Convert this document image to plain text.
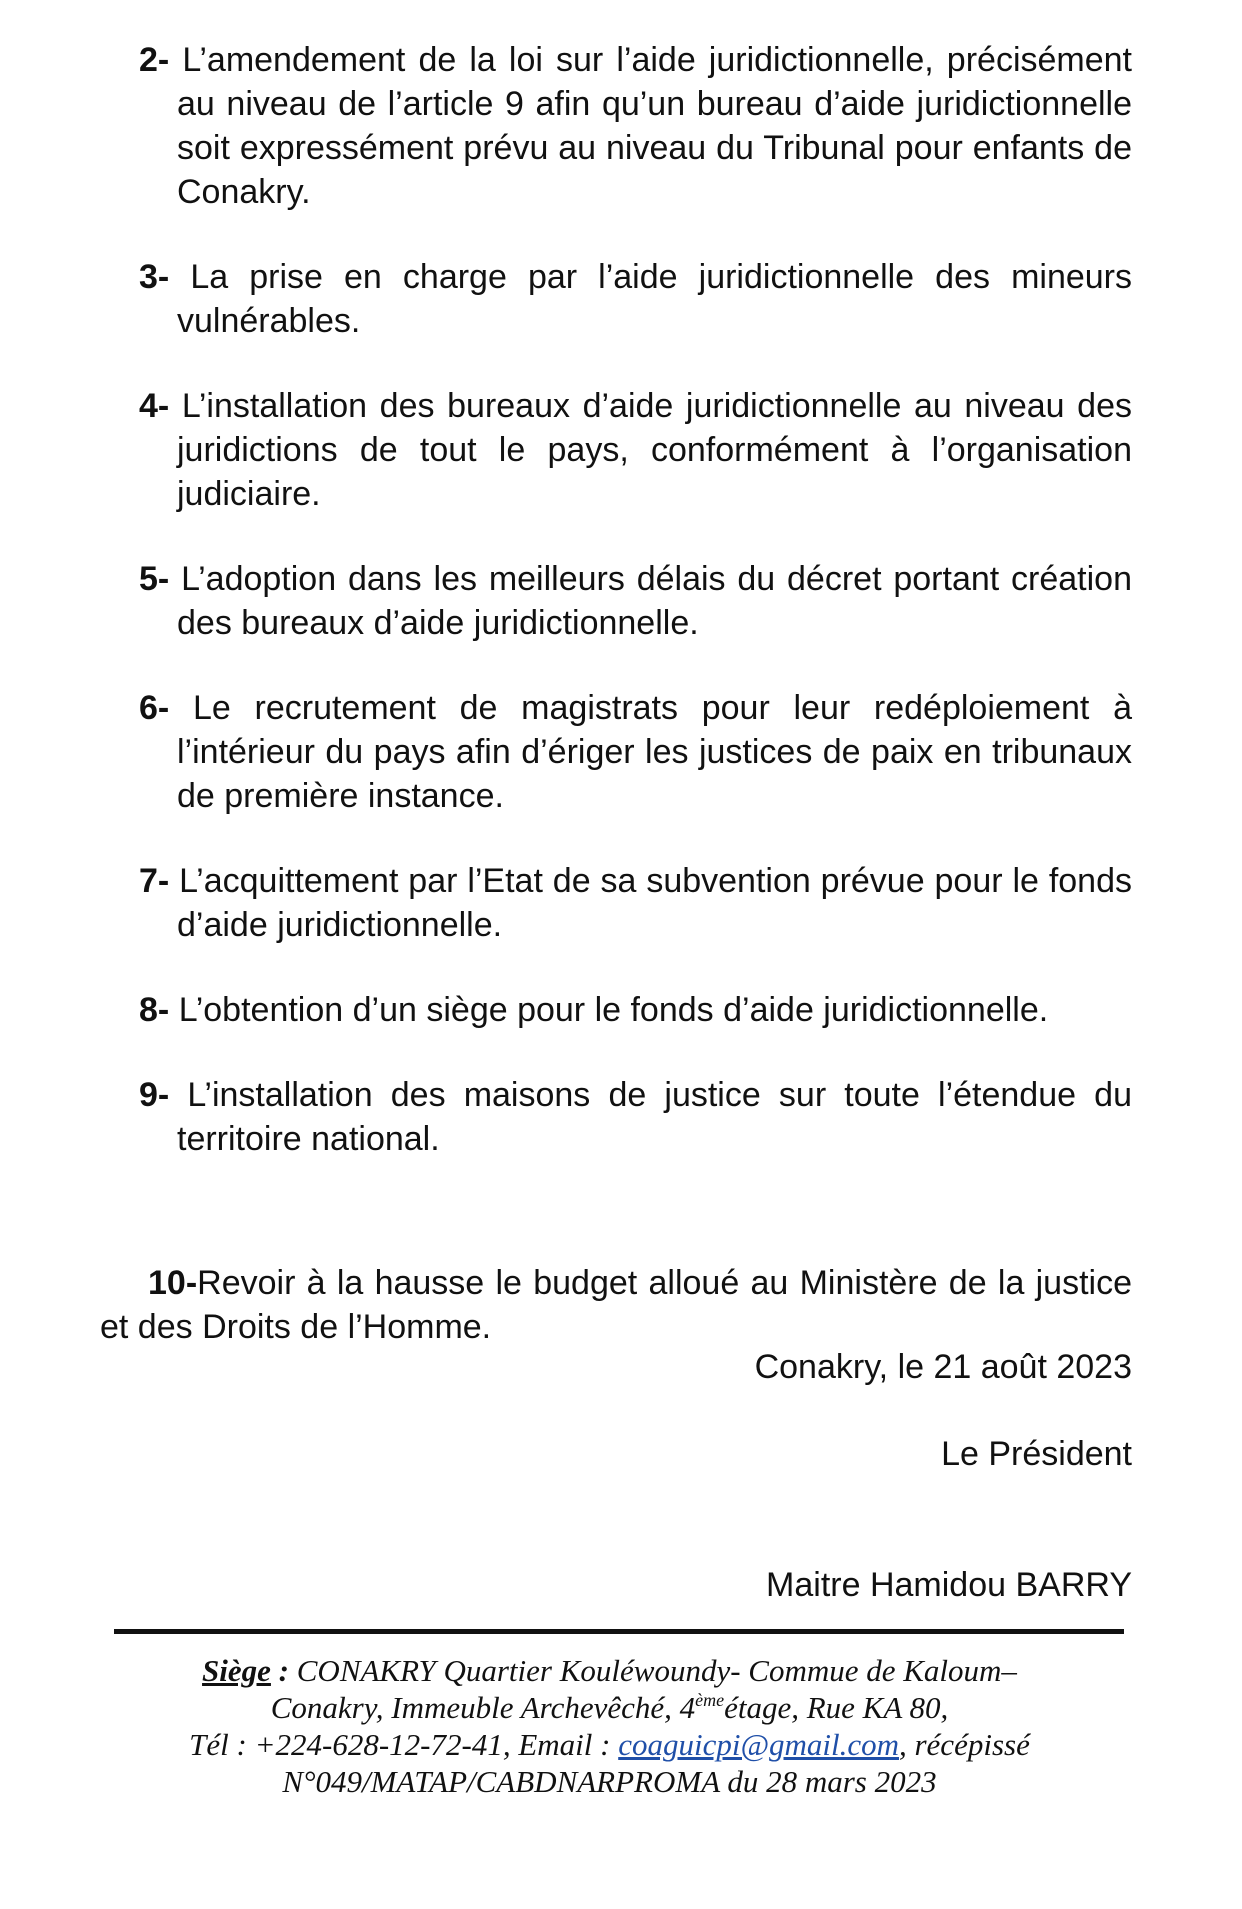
2- L’amendement de la loi sur l’aide juridictionnelle, précisément au niveau de l’article 9 afin qu’un bureau d’aide juridictionnelle soit expressément prévu au niveau du Tribunal pour enfants de Conakry.

3- La prise en charge par l’aide juridictionnelle des mineurs vulnérables.

4- L’installation des bureaux d’aide juridictionnelle au niveau des juridictions de tout le pays, conformément à l’organisation judiciaire.

5- L’adoption dans les meilleurs délais du décret portant création des bureaux d’aide juridictionnelle.

6- Le recrutement de magistrats pour leur redéploiement à l’intérieur du pays afin d’ériger les justices de paix en tribunaux de première instance.

7- L’acquittement par l’Etat de sa subvention prévue pour le fonds d’aide juridictionnelle.

8- L’obtention d’un siège pour le fonds d’aide juridictionnelle.

9- L’installation des maisons de justice sur toute l’étendue du territoire national.

10-Revoir à la hausse le budget alloué au Ministère de la justice et des Droits de l’Homme.

Conakry, le 21 août 2023
Le Président
Maitre Hamidou BARRY
Siège : CONAKRY Quartier Kouléwoundy- Commue de Kaloum–
Conakry, Immeuble Archevêché, 4èmeétage, Rue KA 80,
Tél : +224-628-12-72-41, Email : coaguicpi@gmail.com, récépissé
N°049/MATAP/CABDNARPROMA du 28 mars 2023
